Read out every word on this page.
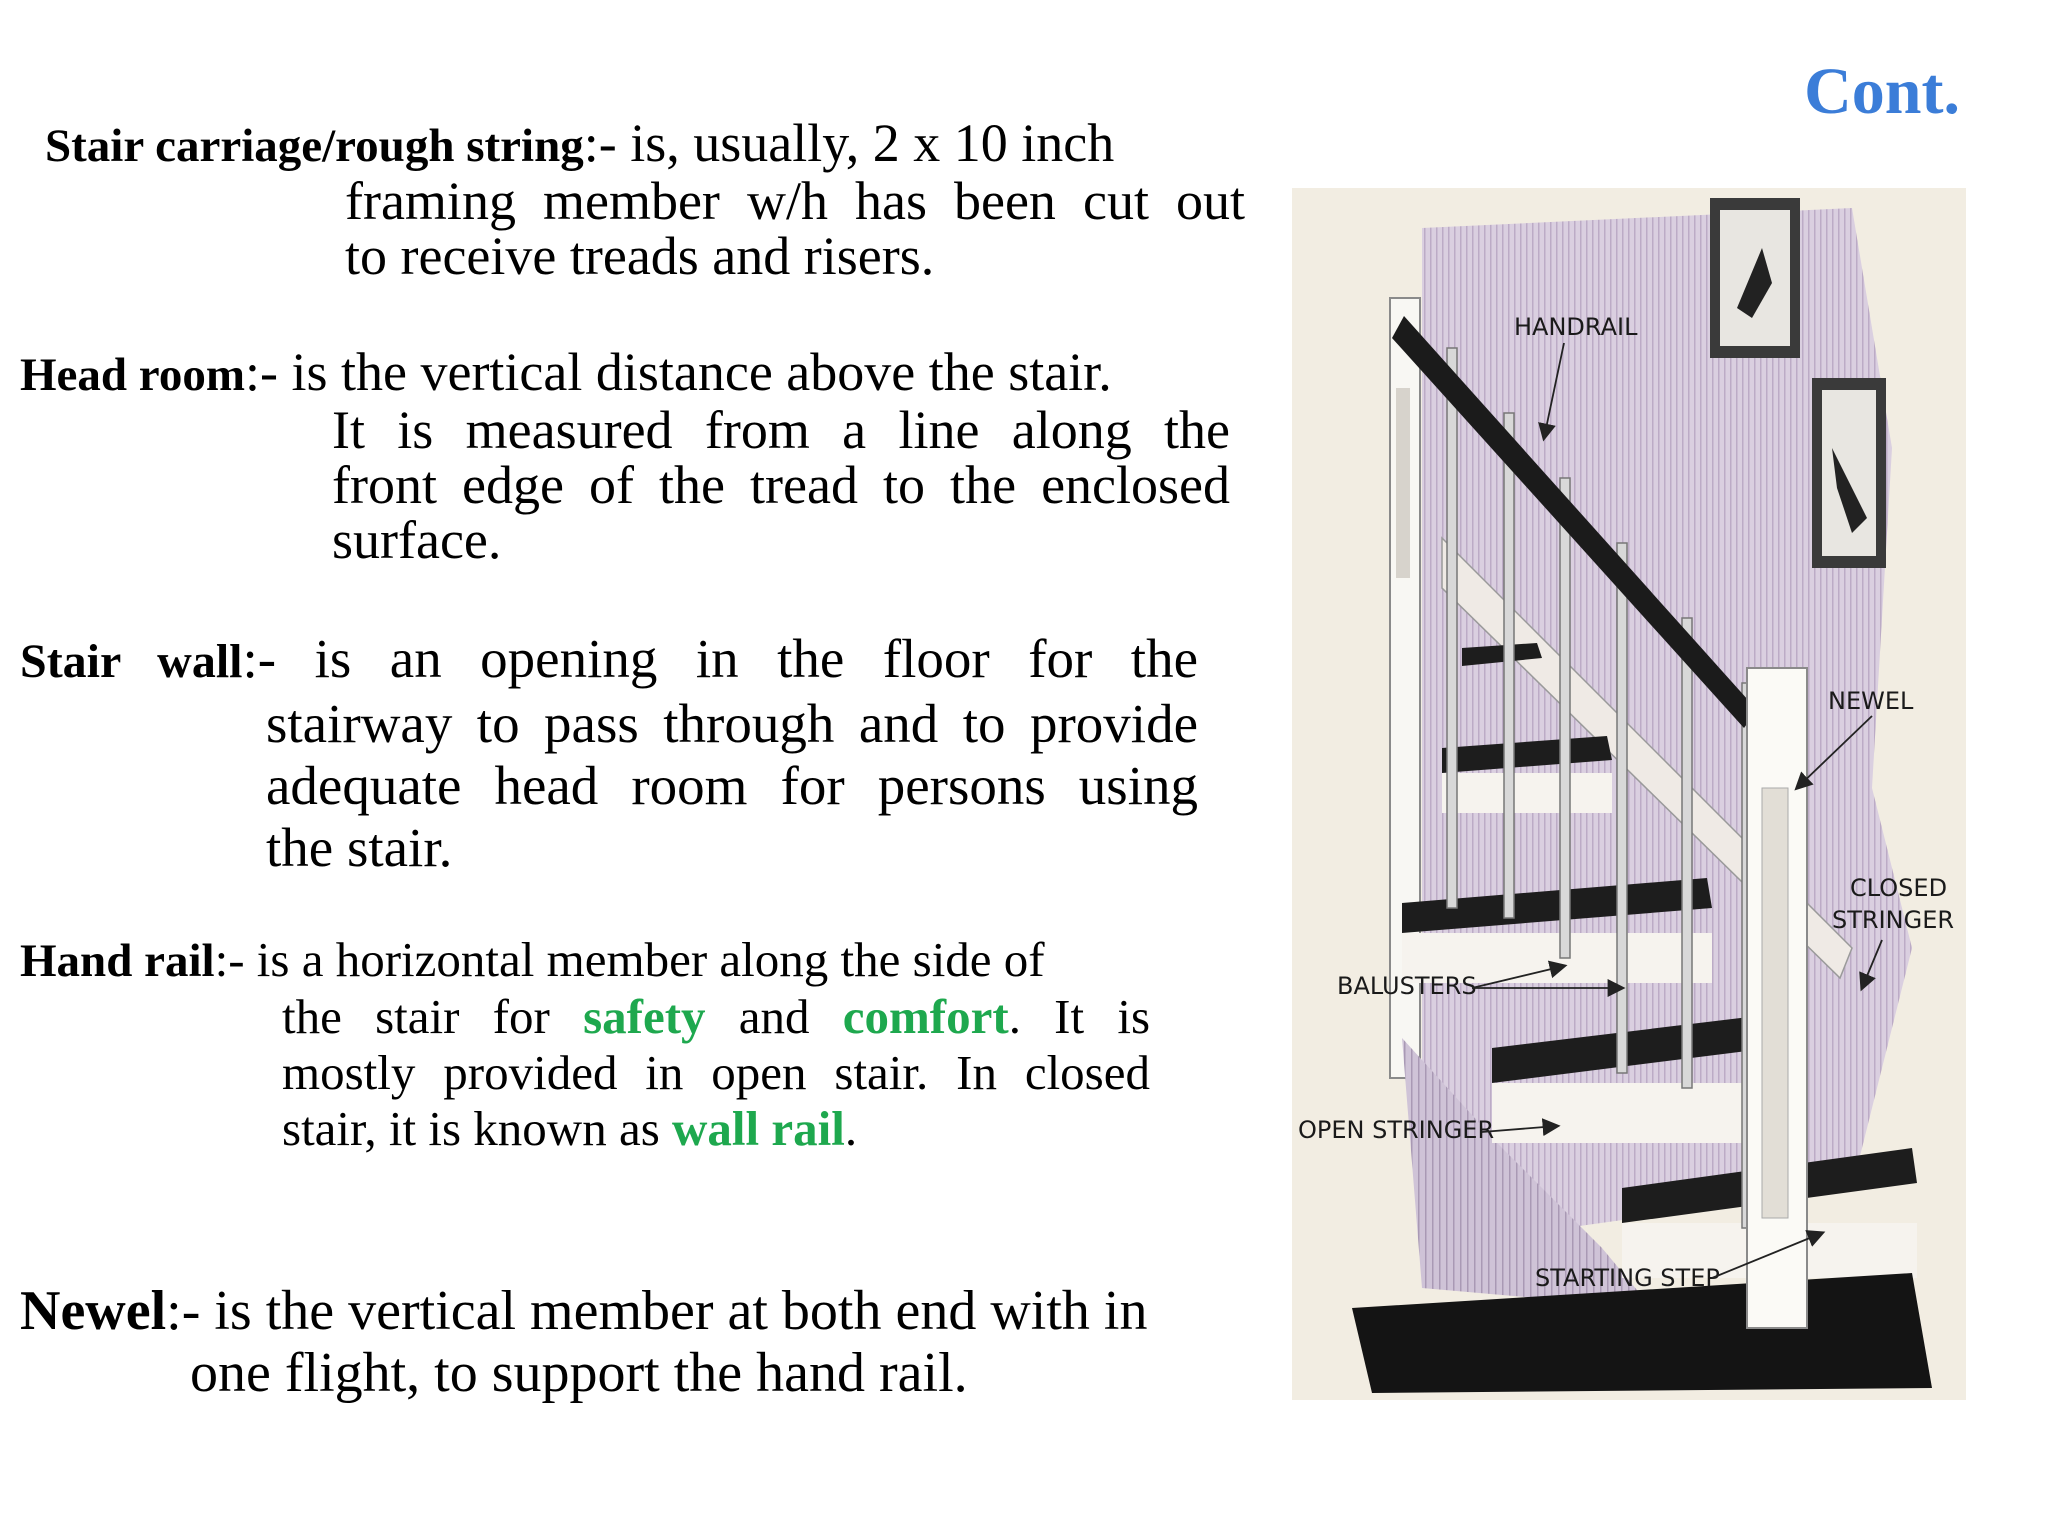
Cont.
Stair carriage/rough string:- is, usually, 2 x 10 inch
framing member w/h has been cut out
to receive treads and risers.
Head room:- is the vertical distance above the stair.
It is measured from a line along the
front edge of the tread to the enclosed
surface.
Stair wall:- is an opening in the floor for the
stairway to pass through and to provide
adequate head room for persons using
the stair.
Hand rail:- is a horizontal member along the side of
the stair for safety and comfort. It is
mostly provided in open stair. In closed
stair, it is known as wall rail.
Newel:- is the vertical member at both end with in
one flight, to support the hand rail.
HANDRAIL
NEWEL
CLOSED
STRINGER
BALUSTERS
OPEN STRINGER
STARTING STEP
